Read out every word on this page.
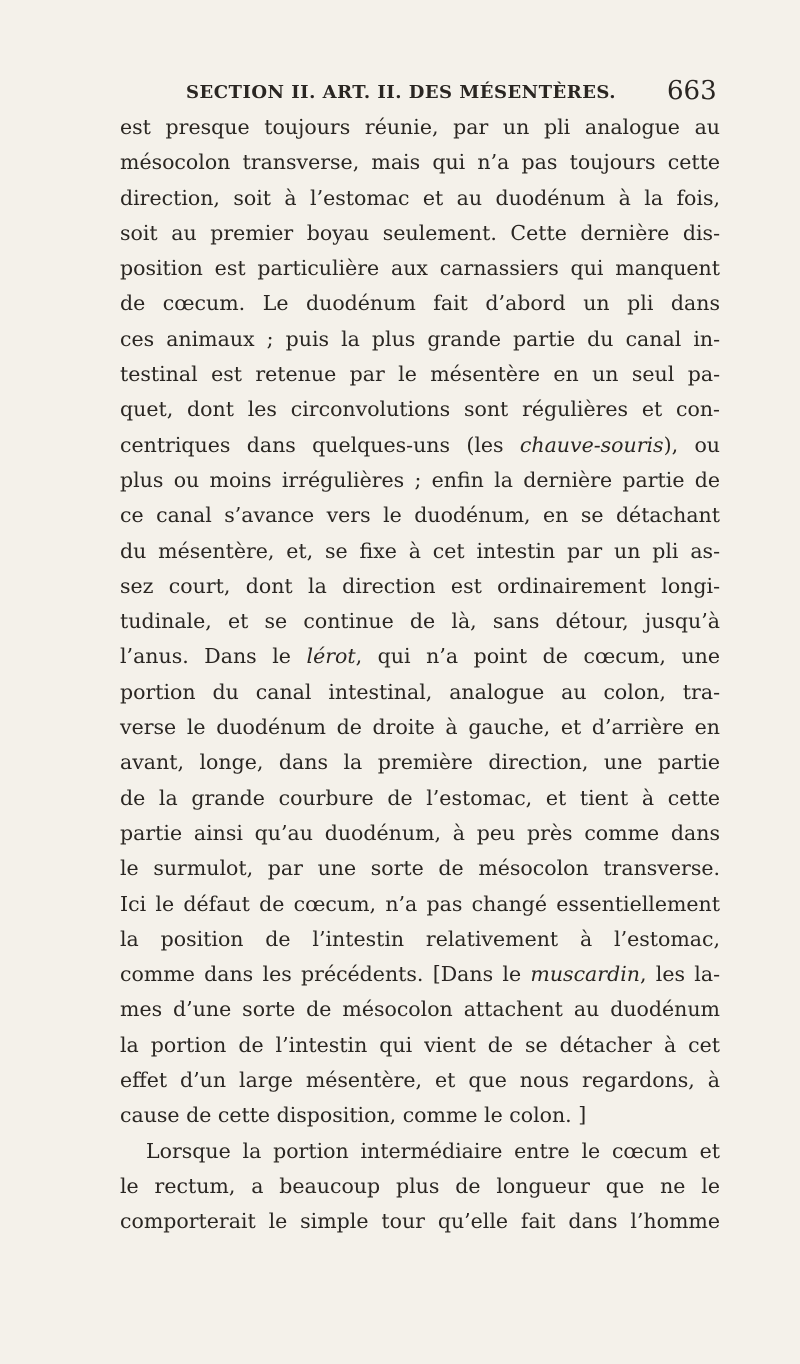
SECTION II. ART. II. DES MÉSENTÈRES. 663
est presque toujours réunie, par un pli analogue au
mésocolon transverse, mais qui n’a pas toujours cette
direction, soit à l’estomac et au duodénum à la fois,
soit au premier boyau seulement. Cette dernière dis-
position est particulière aux carnassiers qui manquent
de cœcum. Le duodénum fait d’abord un pli dans
ces animaux ; puis la plus grande partie du canal in-
testinal est retenue par le mésentère en un seul pa-
quet, dont les circonvolutions sont régulières et con-
centriques dans quelques-uns (les chauve-souris), ou
plus ou moins irrégulières ; enfin la dernière partie de
ce canal s’avance vers le duodénum, en se détachant
du mésentère, et, se fixe à cet intestin par un pli as-
sez court, dont la direction est ordinairement longi-
tudinale, et se continue de là, sans détour, jusqu’à
l’anus. Dans le lérot, qui n’a point de cœcum, une
portion du canal intestinal, analogue au colon, tra-
verse le duodénum de droite à gauche, et d’arrière en
avant, longe, dans la première direction, une partie
de la grande courbure de l’estomac, et tient à cette
partie ainsi qu’au duodénum, à peu près comme dans
le surmulot, par une sorte de mésocolon transverse.
Ici le défaut de cœcum, n’a pas changé essentiellement
la position de l’intestin relativement à l’estomac,
comme dans les précédents. [Dans le muscardin, les la-
mes d’une sorte de mésocolon attachent au duodénum
la portion de l’intestin qui vient de se détacher à cet
effet d’un large mésentère, et que nous regardons, à
cause de cette disposition, comme le colon. ]
Lorsque la portion intermédiaire entre le cœcum et
le rectum, a beaucoup plus de longueur que ne le
comporterait le simple tour qu’elle fait dans l’homme
